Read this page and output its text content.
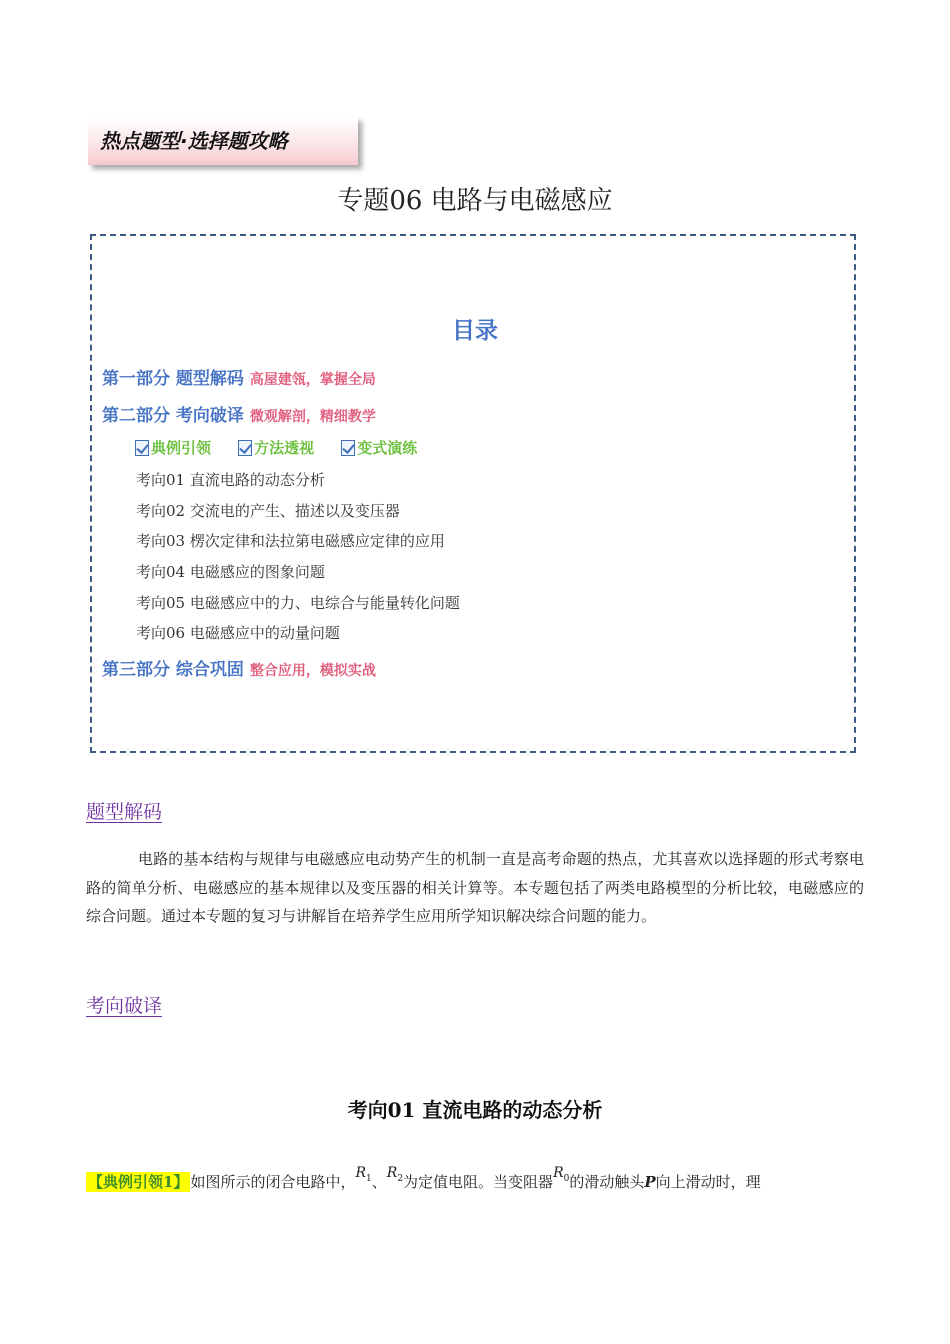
热点题型·选择题攻略
专题06 电路与电磁感应
目录
第一部分 题型解码 高屋建瓴，掌握全局
第二部分 考向破译 微观解剖，精细教学
典例引领
	方法透视
	变式演练
考向01 直流电路的动态分析
考向02 交流电的产生、描述以及变压器
考向03 楞次定律和法拉第电磁感应定律的应用
考向04 电磁感应的图象问题
考向05 电磁感应中的力、电综合与能量转化问题
考向06 电磁感应中的动量问题
第三部分 综合巩固 整合应用，模拟实战
题型解码
电路的基本结构与规律与电磁感应电动势产生的机制一直是高考命题的热点，尤其喜欢以选择题的形式考察电路的简单分析、电磁感应的基本规律以及变压器的相关计算等。本专题包括了两类电路模型的分析比较，电磁感应的综合问题。通过本专题的复习与讲解旨在培养学生应用所学知识解决综合问题的能力。
考向破译
考向01 直流电路的动态分析
【典例引领1】 如图所示的闭合电路中，$R_1$、$R_2$为定值电阻。当变阻器$R_0$的滑动触头P向上滑动时，理
